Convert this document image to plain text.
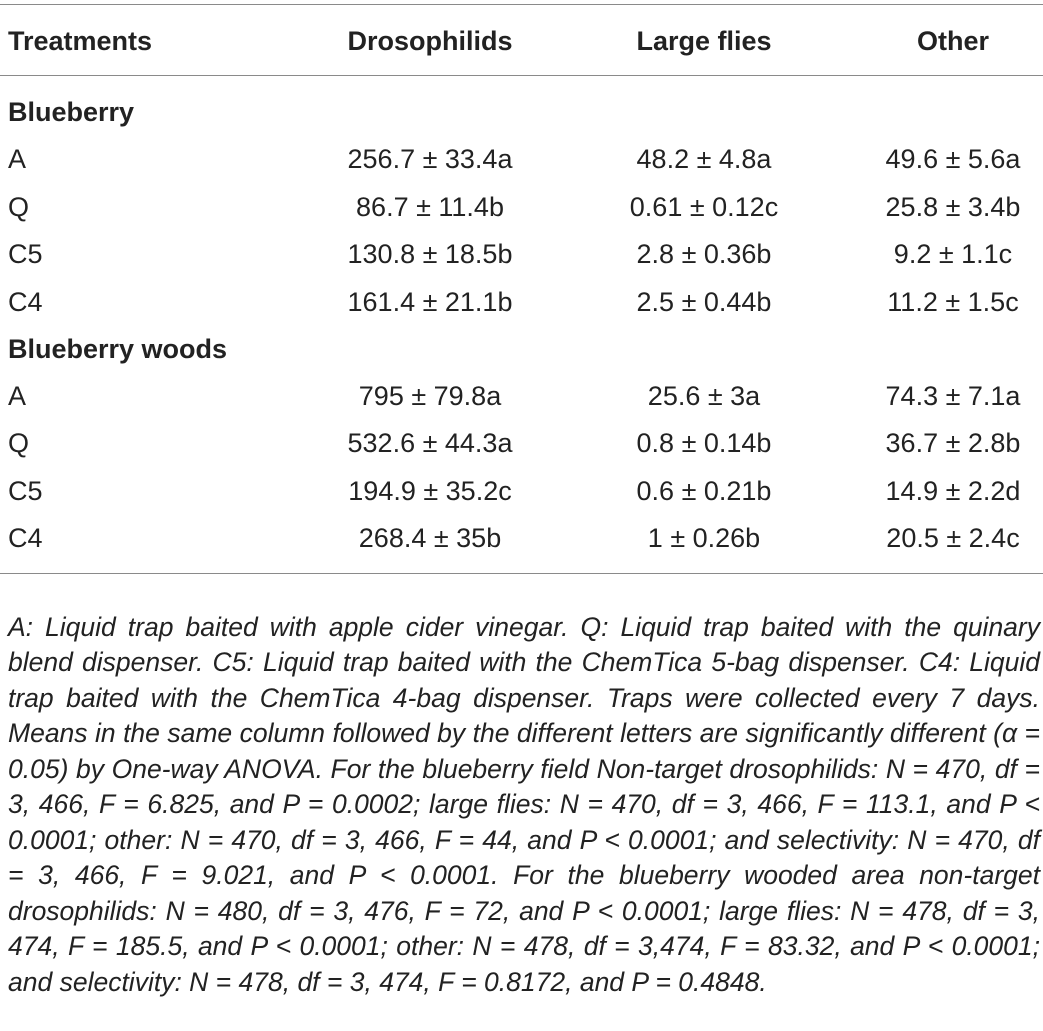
Treatments	Drosophilids	Large flies	Other
Blueberry
A	256.7 ± 33.4a	48.2 ± 4.8a	49.6 ± 5.6a
Q	86.7 ± 11.4b	0.61 ± 0.12c	25.8 ± 3.4b
C5	130.8 ± 18.5b	2.8 ± 0.36b	9.2 ± 1.1c
C4	161.4 ± 21.1b	2.5 ± 0.44b	11.2 ± 1.5c
Blueberry woods
A	795 ± 79.8a	25.6 ± 3a	74.3 ± 7.1a
Q	532.6 ± 44.3a	0.8 ± 0.14b	36.7 ± 2.8b
C5	194.9 ± 35.2c	0.6 ± 0.21b	14.9 ± 2.2d
C4	268.4 ± 35b	1 ± 0.26b	20.5 ± 2.4c

A: Liquid trap baited with apple cider vinegar. Q: Liquid trap baited with the quinary blend dispenser. C5: Liquid trap baited with the ChemTica 5-bag dispenser. C4: Liquid trap baited with the ChemTica 4-bag dispenser. Traps were collected every 7 days. Means in the same column followed by the different letters are significantly different (α = 0.05) by One-way ANOVA. For the blueberry field Non-target drosophilids: N = 470, df = 3, 466, F = 6.825, and P = 0.0002; large flies: N = 470, df = 3, 466, F = 113.1, and P < 0.0001; other: N = 470, df = 3, 466, F = 44, and P < 0.0001; and selectivity: N = 470, df = 3, 466, F = 9.021, and P < 0.0001. For the blueberry wooded area non-target drosophilids: N = 480, df = 3, 476, F = 72, and P < 0.0001; large flies: N = 478, df = 3, 474, F = 185.5, and P < 0.0001; other: N = 478, df = 3,474, F = 83.32, and P < 0.0001; and selectivity: N = 478, df = 3, 474, F = 0.8172, and P = 0.4848.
